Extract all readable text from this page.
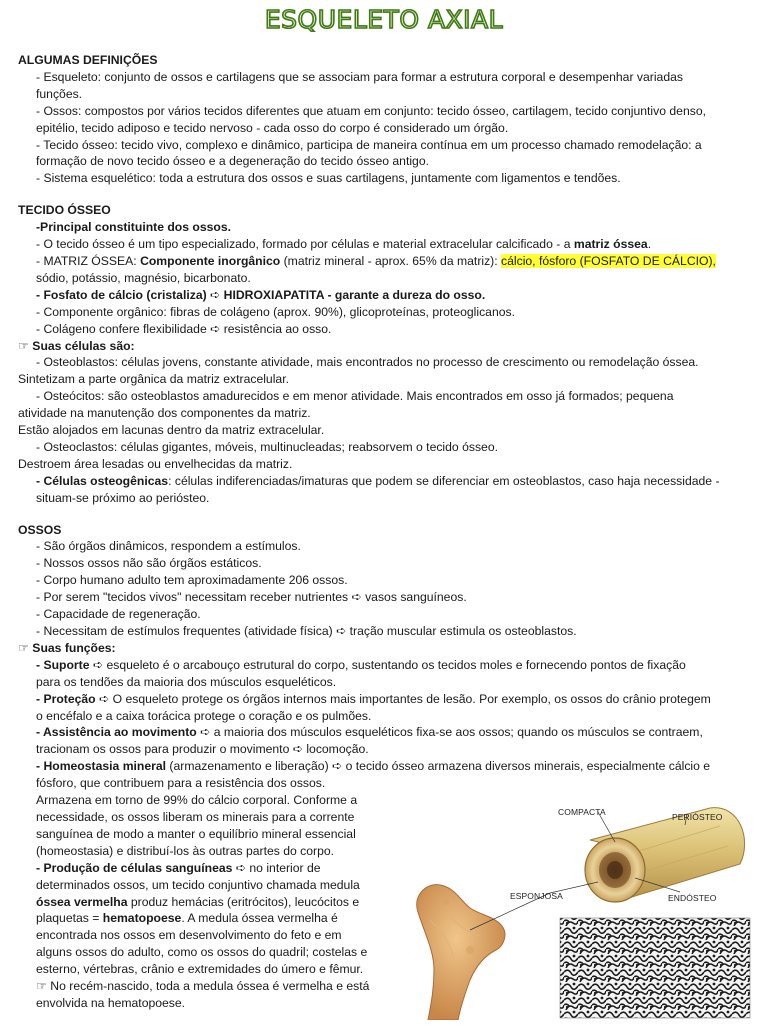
ESQUELETO AXIAL

ALGUMAS DEFINIÇÕES

- Esqueleto: conjunto de ossos e cartilagens que se associam para formar a estrutura corporal e desempenhar variadas

funções.

- Ossos: compostos por vários tecidos diferentes que atuam em conjunto: tecido ósseo, cartilagem, tecido conjuntivo denso,

epitélio, tecido adiposo e tecido nervoso - cada osso do corpo é considerado um órgão.

- Tecido ósseo: tecido vivo, complexo e dinâmico, participa de maneira contínua em um processo chamado remodelação: a

formação de novo tecido ósseo e a degeneração do tecido ósseo antigo.

- Sistema esquelético: toda a estrutura dos ossos e suas cartilagens, juntamente com ligamentos e tendões.

TECIDO ÓSSEO

-Principal constituinte dos ossos.

- O tecido ósseo é um tipo especializado, formado por células e material extracelular calcificado - a matriz óssea.

- MATRIZ ÓSSEA: Componente inorgânico (matriz mineral - aprox. 65% da matriz): cálcio, fósforo (FOSFATO DE CÁLCIO),

sódio, potássio, magnésio, bicarbonato.

- Fosfato de cálcio (cristaliza) ➪ HIDROXIAPATITA - garante a dureza do osso.

- Componente orgânico: fibras de colágeno (aprox. 90%), glicoproteínas, proteoglicanos.

- Colágeno confere flexibilidade ➪ resistência ao osso.

☞ Suas células são:

- Osteoblastos: células jovens, constante atividade, mais encontrados no processo de crescimento ou remodelação óssea.

Sintetizam a parte orgânica da matriz extracelular.

- Osteócitos: são osteoblastos amadurecidos e em menor atividade. Mais encontrados em osso já formados; pequena

atividade na manutenção dos componentes da matriz.

Estão alojados em lacunas dentro da matriz extracelular.

- Osteoclastos: células gigantes, móveis, multinucleadas; reabsorvem o tecido ósseo.

Destroem área lesadas ou envelhecidas da matriz.

- Células osteogênicas: células indiferenciadas/imaturas que podem se diferenciar em osteoblastos, caso haja necessidade -

situam-se próximo ao periósteo.

OSSOS

- São órgãos dinâmicos, respondem a estímulos.

- Nossos ossos não são órgãos estáticos.

- Corpo humano adulto tem aproximadamente 206 ossos.

- Por serem "tecidos vivos" necessitam receber nutrientes ➪ vasos sanguíneos.

- Capacidade de regeneração.

- Necessitam de estímulos frequentes (atividade física) ➪ tração muscular estimula os osteoblastos.

☞ Suas funções:

- Suporte ➪ esqueleto é o arcabouço estrutural do corpo, sustentando os tecidos moles e fornecendo pontos de fixação

para os tendões da maioria dos músculos esqueléticos.

- Proteção ➪ O esqueleto protege os órgãos internos mais importantes de lesão. Por exemplo, os ossos do crânio protegem

o encéfalo e a caixa torácica protege o coração e os pulmões.

- Assistência ao movimento ➪ a maioria dos músculos esqueléticos fixa-se aos ossos; quando os músculos se contraem,

tracionam os ossos para produzir o movimento ➪ locomoção.

- Homeostasia mineral (armazenamento e liberação) ➪ o tecido ósseo armazena diversos minerais, especialmente cálcio e

fósforo, que contribuem para a resistência dos ossos.

Armazena em torno de 99% do cálcio corporal. Conforme a

necessidade, os ossos liberam os minerais para a corrente

sanguínea de modo a manter o equilíbrio mineral essencial

(homeostasia) e distribuí-los às outras partes do corpo.

- Produção de células sanguíneas ➪ no interior de

determinados ossos, um tecido conjuntivo chamada medula

óssea vermelha produz hemácias (eritrócitos), leucócitos e

plaquetas = hematopoese. A medula óssea vermelha é

encontrada nos ossos em desenvolvimento do feto e em

alguns ossos do adulto, como os ossos do quadril; costelas e

esterno, vértebras, crânio e extremidades do úmero e fêmur.

☞ No recém-nascido, toda a medula óssea é vermelha e está

envolvida na hematopoese.

COMPACTA	PERIÓSTEO
ESPONJOSA	ENDÓSTEO
